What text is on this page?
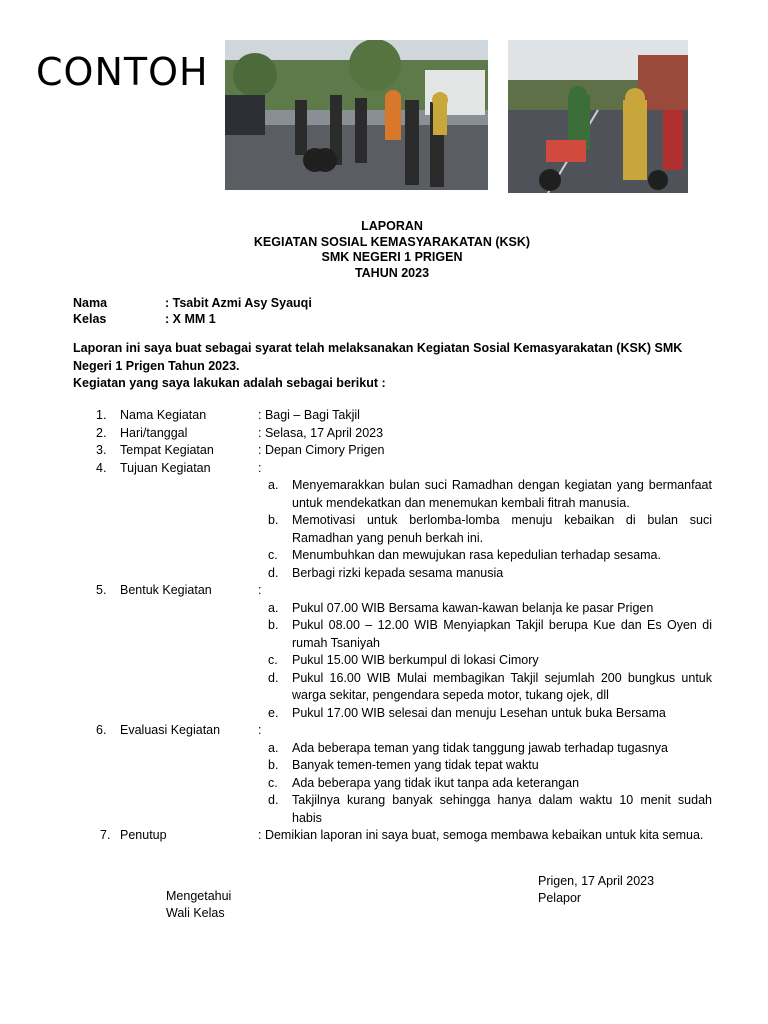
CONTOH
LAPORAN
KEGIATAN SOSIAL KEMASYARAKATAN (KSK)
SMK NEGERI 1 PRIGEN
TAHUN 2023
Nama	: Tsabit Azmi Asy Syauqi
Kelas	: X MM 1
Laporan ini saya buat sebagai syarat telah melaksanakan Kegiatan Sosial Kemasyarakatan (KSK) SMK Negeri 1 Prigen Tahun 2023.
Kegiatan yang saya lakukan adalah sebagai berikut :
1. Nama Kegiatan	: Bagi – Bagi Takjil
2. Hari/tanggal	: Selasa, 17 April 2023
3. Tempat Kegiatan	: Depan Cimory Prigen
4. Tujuan Kegiatan	:
a. Menyemarakkan bulan suci Ramadhan dengan kegiatan yang bermanfaat untuk mendekatkan dan menemukan kembali fitrah manusia.
b. Memotivasi untuk berlomba-lomba menuju kebaikan di bulan suci Ramadhan yang penuh berkah ini.
c. Menumbuhkan dan mewujukan rasa kepedulian terhadap sesama.
d. Berbagi rizki kepada sesama manusia
5. Bentuk Kegiatan	:
a. Pukul 07.00 WIB Bersama kawan-kawan belanja ke pasar Prigen
b. Pukul 08.00 – 12.00 WIB Menyiapkan Takjil berupa Kue dan Es Oyen di rumah Tsaniyah
c. Pukul 15.00 WIB berkumpul di lokasi Cimory
d. Pukul 16.00 WIB Mulai membagikan Takjil sejumlah 200 bungkus untuk warga sekitar, pengendara sepeda motor, tukang ojek, dll
e. Pukul 17.00 WIB selesai dan menuju Lesehan untuk buka Bersama
6. Evaluasi Kegiatan	:
a. Ada beberapa teman yang tidak tanggung jawab terhadap tugasnya
b. Banyak temen-temen yang tidak tepat waktu
c. Ada beberapa yang tidak ikut tanpa ada keterangan
d. Takjilnya kurang banyak sehingga hanya dalam waktu 10 menit sudah habis
7. Penutup	: Demikian laporan ini saya buat, semoga membawa kebaikan untuk kita semua.
Prigen, 17 April 2023
Pelapor
Mengetahui
Wali Kelas
